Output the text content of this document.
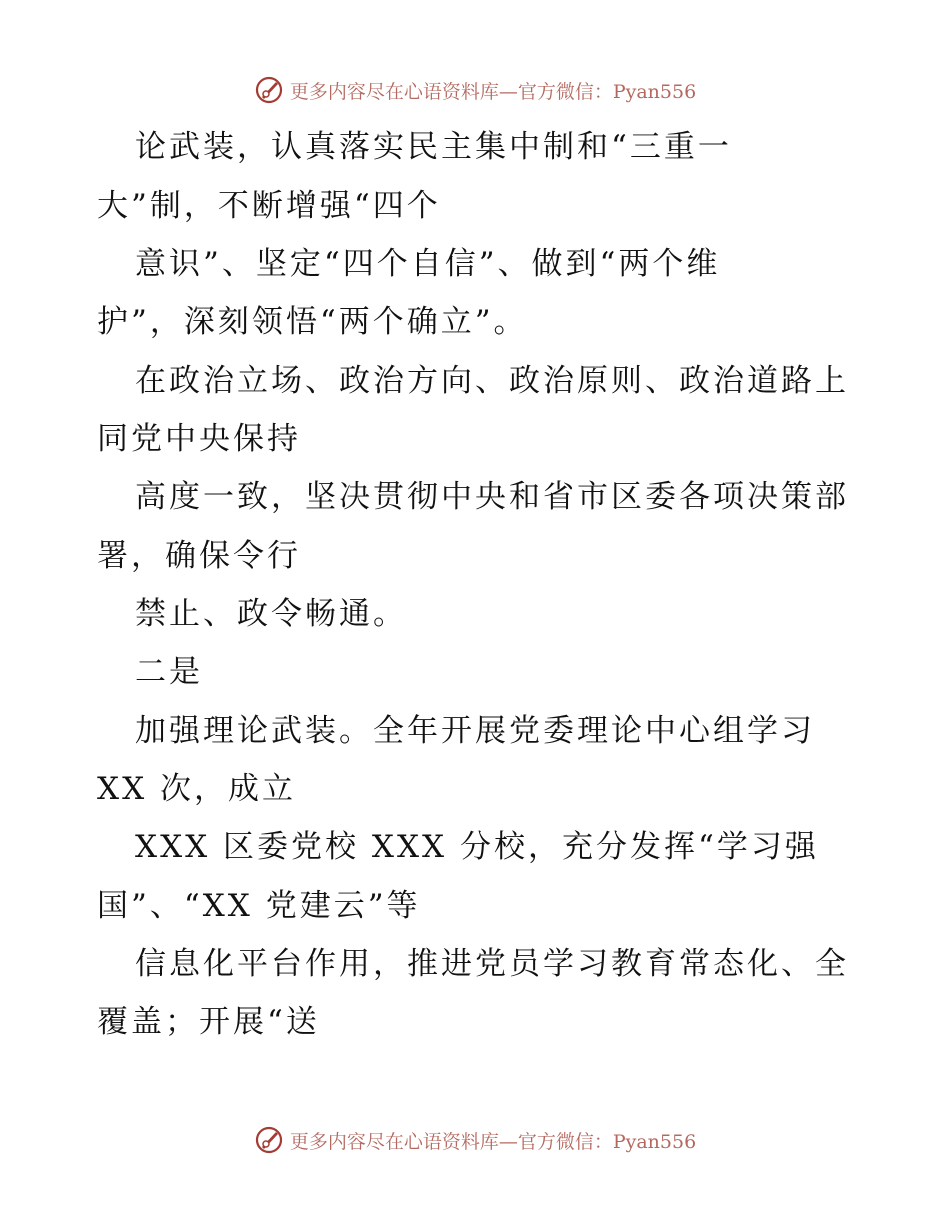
更多内容尽在心语资料库—官方微信：Pyan556
论武装，认真落实民主集中制和“三重一
大”制，不断增强“四个
意识”、坚定“四个自信”、做到“两个维
护”，深刻领悟“两个确立”。
在政治立场、政治方向、政治原则、政治道路上
同党中央保持
高度一致，坚决贯彻中央和省市区委各项决策部
署，确保令行
禁止、政令畅通。
二是
加强理论武装。全年开展党委理论中心组学习
XX 次，成立
XXX 区委党校 XXX 分校，充分发挥“学习强
国”、“XX 党建云”等
信息化平台作用，推进党员学习教育常态化、全
覆盖；开展“送
更多内容尽在心语资料库—官方微信：Pyan556
